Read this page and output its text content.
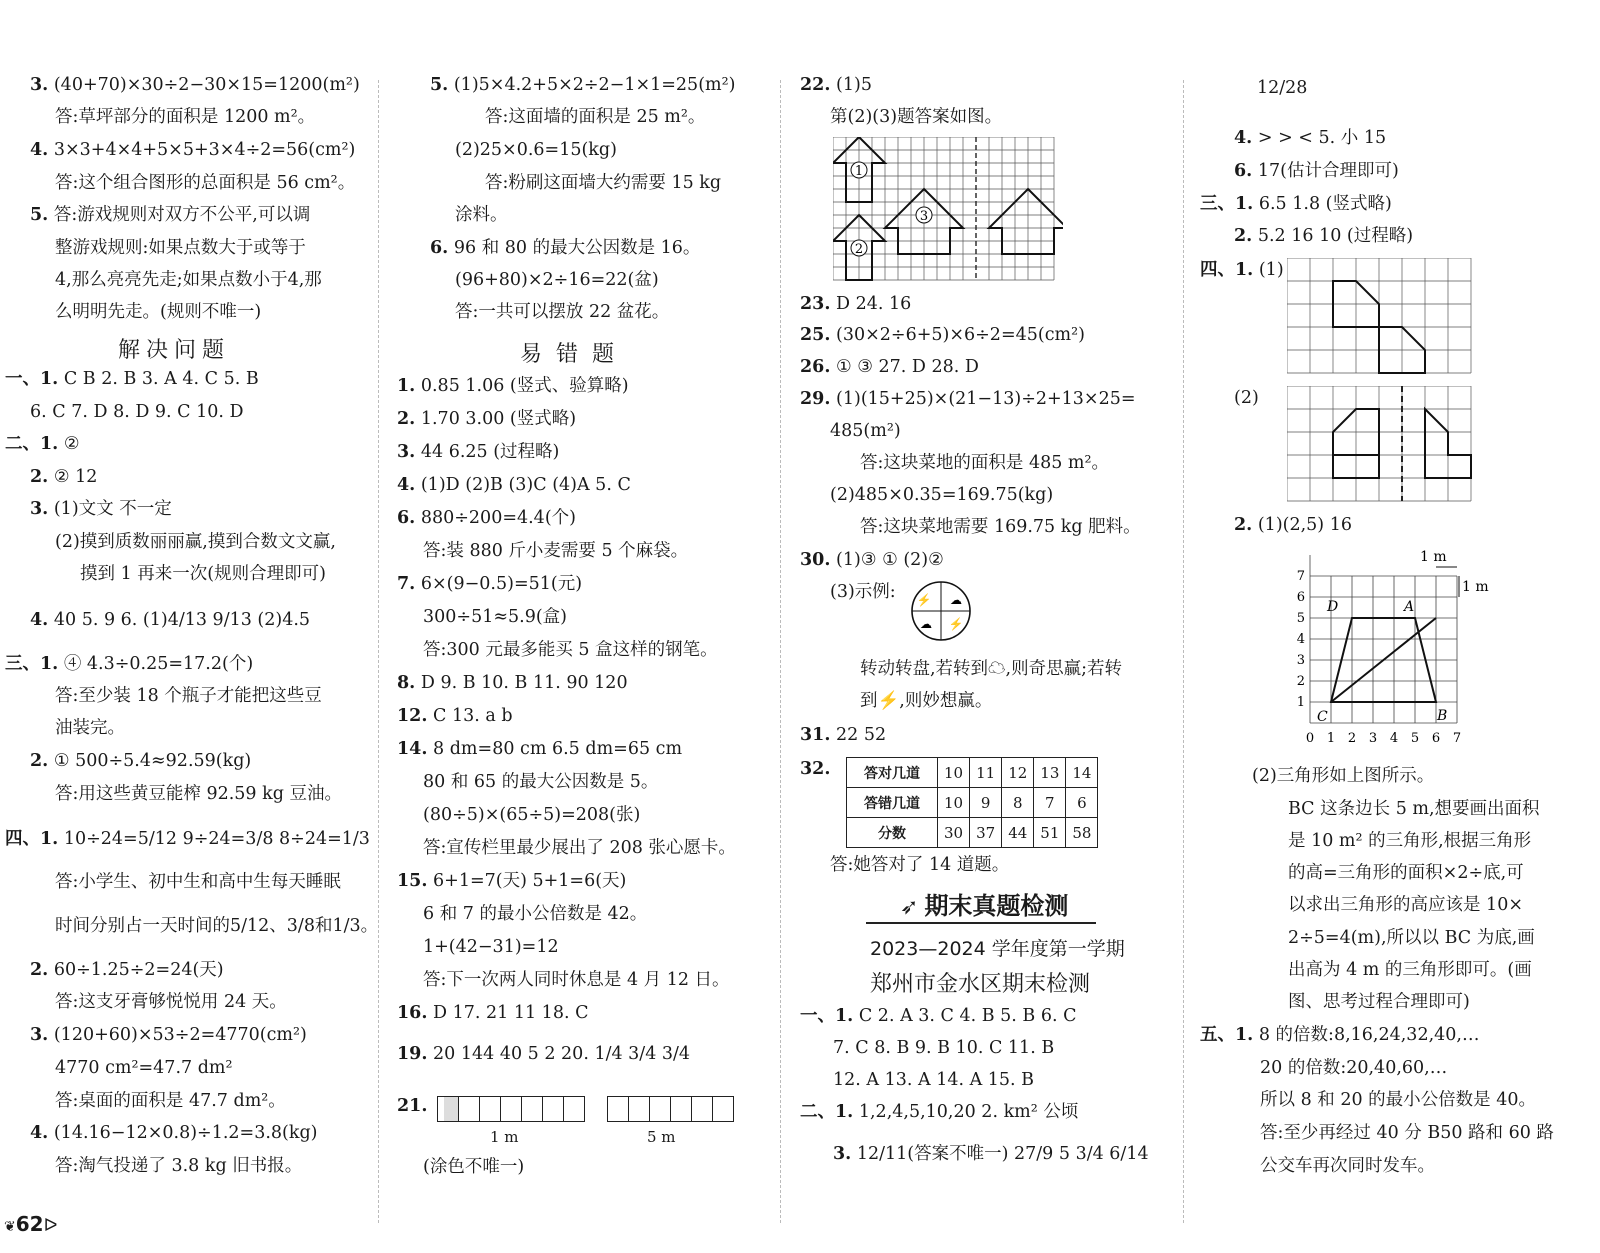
3. (40+70)×30÷2−30×15=1200(m²)
答:草坪部分的面积是 1200 m²。
4. 3×3+4×4+5×5+3×4÷2=56(cm²)
答:这个组合图形的总面积是 56 cm²。
5. 答:游戏规则对双方不公平,可以调
整游戏规则:如果点数大于或等于
4,那么亮亮先走;如果点数小于4,那
么明明先走。(规则不唯一)
解决问题
一、1. C B 2. B 3. A 4. C 5. B
6. C 7. D 8. D 9. C 10. D
二、1. ②
2. ② 12
3. (1)文文 不一定
(2)摸到质数丽丽赢,摸到合数文文赢,
摸到 1 再来一次(规则合理即可)
4. 40 5. 9 6. (1)4/13 9/13 (2)4.5
三、1. ④ 4.3÷0.25=17.2(个)
答:至少装 18 个瓶子才能把这些豆
油装完。
2. ① 500÷5.4≈92.59(kg)
答:用这些黄豆能榨 92.59 kg 豆油。
四、1. 10÷24=5/12 9÷24=3/8 8÷24=1/3
答:小学生、初中生和高中生每天睡眠
时间分别占一天时间的5/12、3/8和1/3。
2. 60÷1.25÷2=24(天)
答:这支牙膏够悦悦用 24 天。
3. (120+60)×53÷2=4770(cm²)
4770 cm²=47.7 dm²
答:桌面的面积是 47.7 dm²。
4. (14.16−12×0.8)÷1.2=3.8(kg)
答:淘气投递了 3.8 kg 旧书报。
5. (1)5×4.2+5×2÷2−1×1=25(m²)
答:这面墙的面积是 25 m²。
(2)25×0.6=15(kg)
答:粉刷这面墙大约需要 15 kg
涂料。
6. 96 和 80 的最大公因数是 16。
(96+80)×2÷16=22(盆)
答:一共可以摆放 22 盆花。
易错题
1. 0.85 1.06 (竖式、验算略)
2. 1.70 3.00 (竖式略)
3. 44 6.25 (过程略)
4. (1)D (2)B (3)C (4)A 5. C
6. 880÷200=4.4(个)
答:装 880 斤小麦需要 5 个麻袋。
7. 6×(9−0.5)=51(元)
300÷51≈5.9(盒)
答:300 元最多能买 5 盒这样的钢笔。
8. D 9. B 10. B 11. 90 120
12. C 13. a b
14. 8 dm=80 cm 6.5 dm=65 cm
80 和 65 的最大公因数是 5。
(80÷5)×(65÷5)=208(张)
答:宣传栏里最少展出了 208 张心愿卡。
15. 6+1=7(天) 5+1=6(天)
6 和 7 的最小公倍数是 42。
1+(42−31)=12
答:下一次两人同时休息是 4 月 12 日。
16. D 17. 21 11 18. C
19. 20 144 40 5 2 20. 1/4 3/4 3/4
21.
1 m	5 m
(涂色不唯一)
22. (1)5
第(2)(3)题答案如图。
1
2
3
23. D 24. 16
25. (30×2÷6+5)×6÷2=45(cm²)
26. ① ③ 27. D 28. D
29. (1)(15+25)×(21−13)÷2+13×25=
485(m²)
答:这块菜地的面积是 485 m²。
(2)485×0.35=169.75(kg)
答:这块菜地需要 169.75 kg 肥料。
30. (1)③ ① (2)②
(3)示例: ⚡ ☁
☁ ⚡
转动转盘,若转到☁,则奇思赢;若转
到⚡,则妙想赢。
31. 22 52
32. 答对几道	10	11	12	13	14
答错几道	10	9	8	7	6
分数	30	37	44	51	58
答:她答对了 14 道题。
➶ 期末真题检测
2023—2024 学年度第一学期
郑州市金水区期末检测
一、1. C 2. A 3. C 4. B 5. B 6. C
7. C 8. B 9. B 10. C 11. B
12. A 13. A 14. A 15. B
二、1. 1,2,4,5,10,20 2. km² 公顷
3. 12/11(答案不唯一) 27/9 5 3/4 6/14
12/28
4. > > < 5. 小 15
6. 17(估计合理即可)
三、1. 6.5 1.8 (竖式略)
2. 5.2 16 10 (过程略)
四、1. (1)
(2)
2. (1)(2,5) 16
D	A
C	B
1
2
3
4
5
6
7
0 1 2 3 4 5 6 7
1 m
1 m
(2)三角形如上图所示。
BC 这条边长 5 m,想要画出面积
是 10 m² 的三角形,根据三角形
的高=三角形的面积×2÷底,可
以求出三角形的高应该是 10×
2÷5=4(m),所以以 BC 为底,画
出高为 4 m 的三角形即可。(画
图、思考过程合理即可)
五、1. 8 的倍数:8,16,24,32,40,…
20 的倍数:20,40,60,…
所以 8 和 20 的最小公倍数是 40。
答:至少再经过 40 分 B50 路和 60 路
公交车再次同时发车。
❦62ᐅ
